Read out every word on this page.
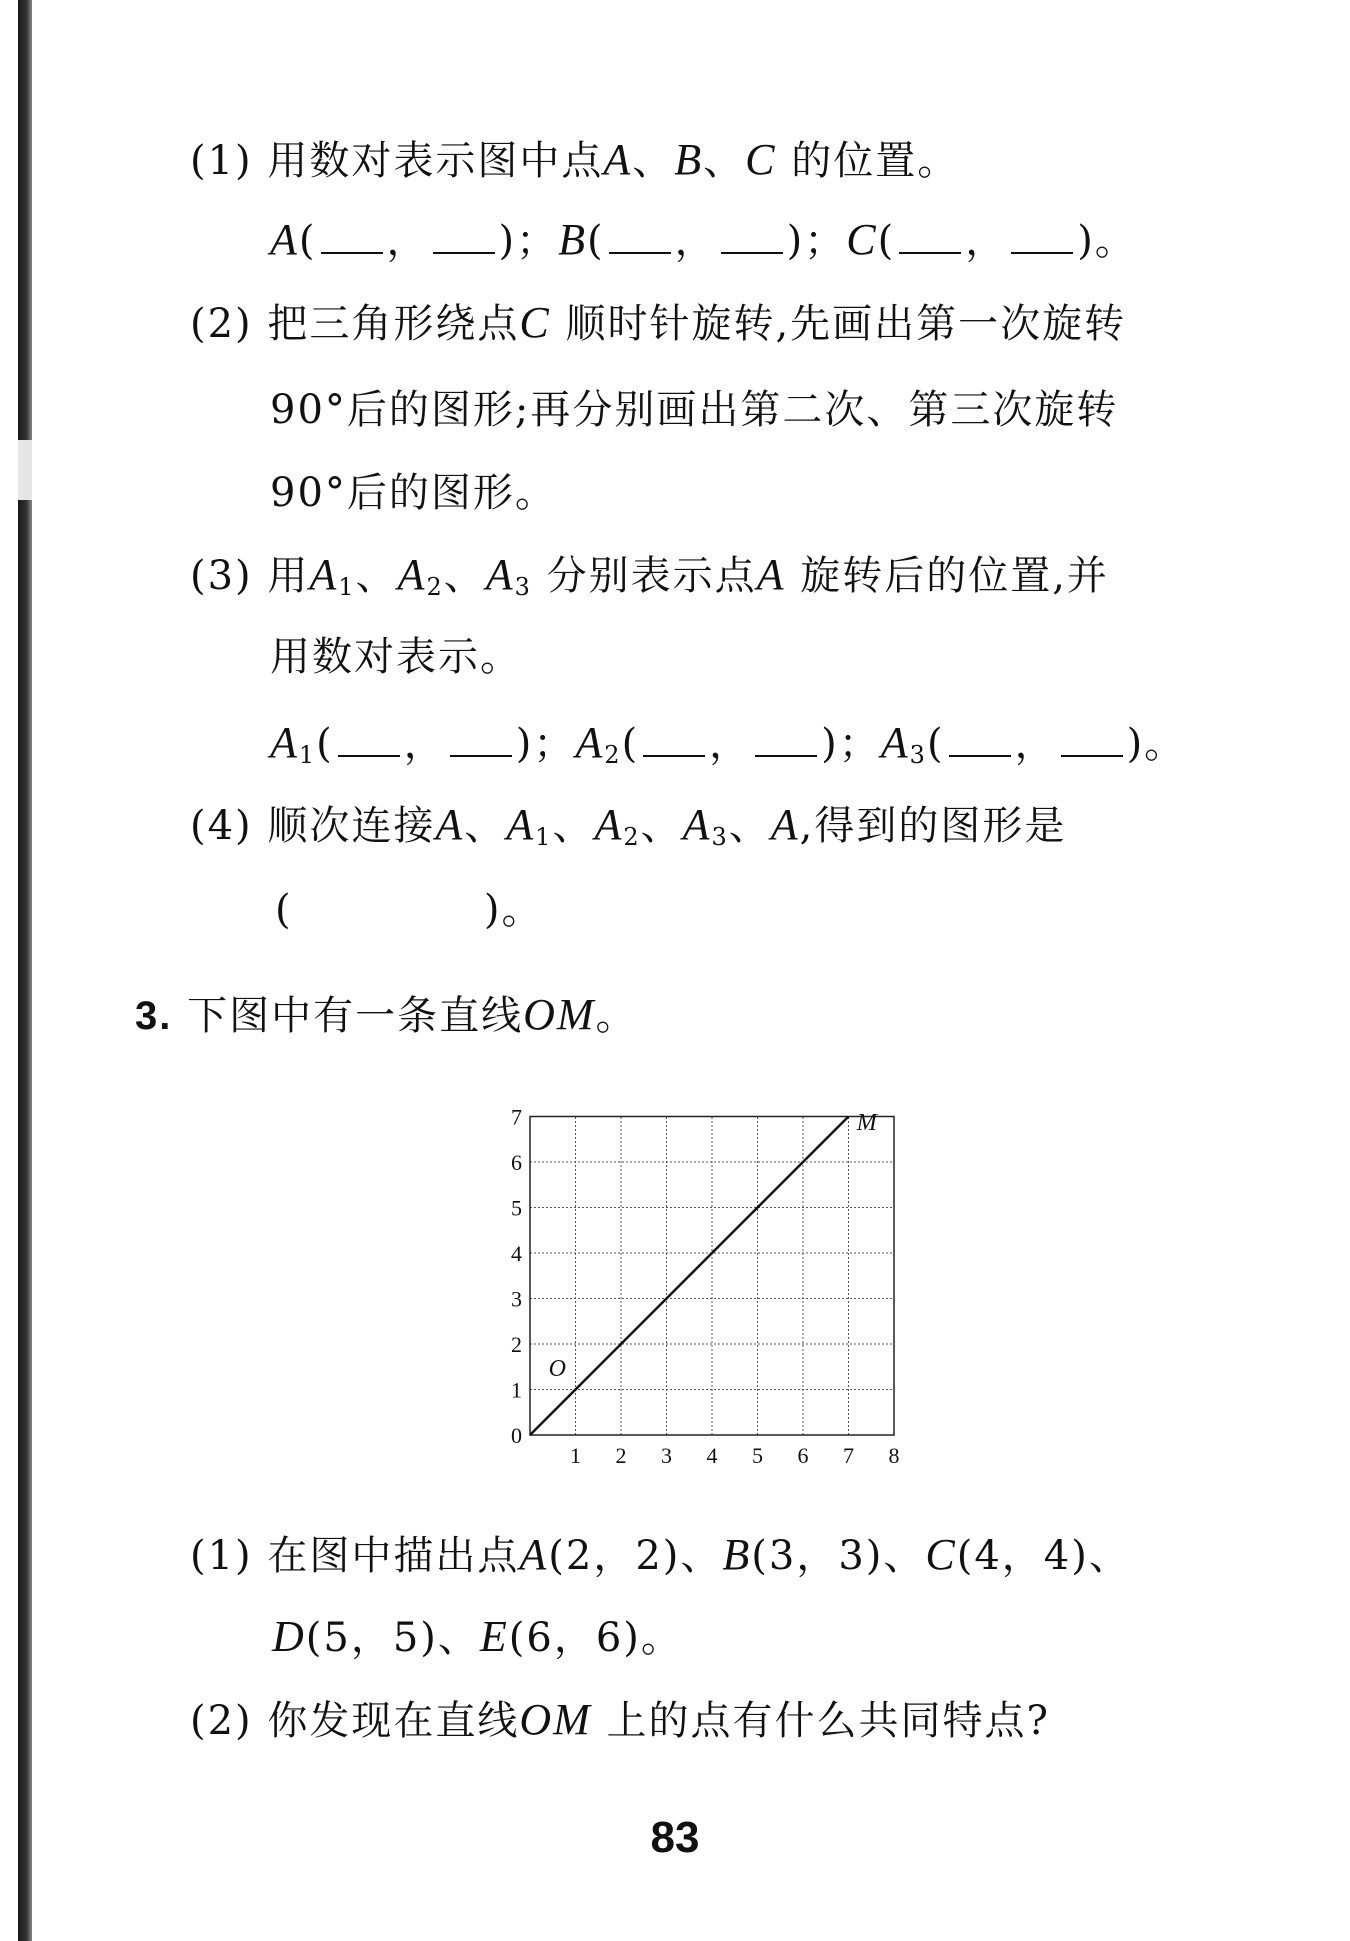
(1) 用数对表示图中点A、B、C 的位置。
A( ， )；B( ， )；C( ， )。
(2) 把三角形绕点C 顺时针旋转,先画出第一次旋转
90°后的图形;再分别画出第二次、第三次旋转
90°后的图形。
(3) 用$A_1$、$A_2$、$A_3$ 分别表示点A 旋转后的位置,并
用数对表示。
$A_1$( ， )；$A_2$( ， )；$A_3$( ， )。
(4) 顺次连接A、$A_1$、$A_2$、$A_3$、A,得到的图形是
(             )。
3. 下图中有一条直线OM。
1 2 3 4 5 6 7 8
0
1
2
3
4
5
6
7
O
M
(1) 在图中描出点A(2，2)、B(3，3)、C(4，4)、
D(5，5)、E(6，6)。
(2) 你发现在直线OM 上的点有什么共同特点?
83
